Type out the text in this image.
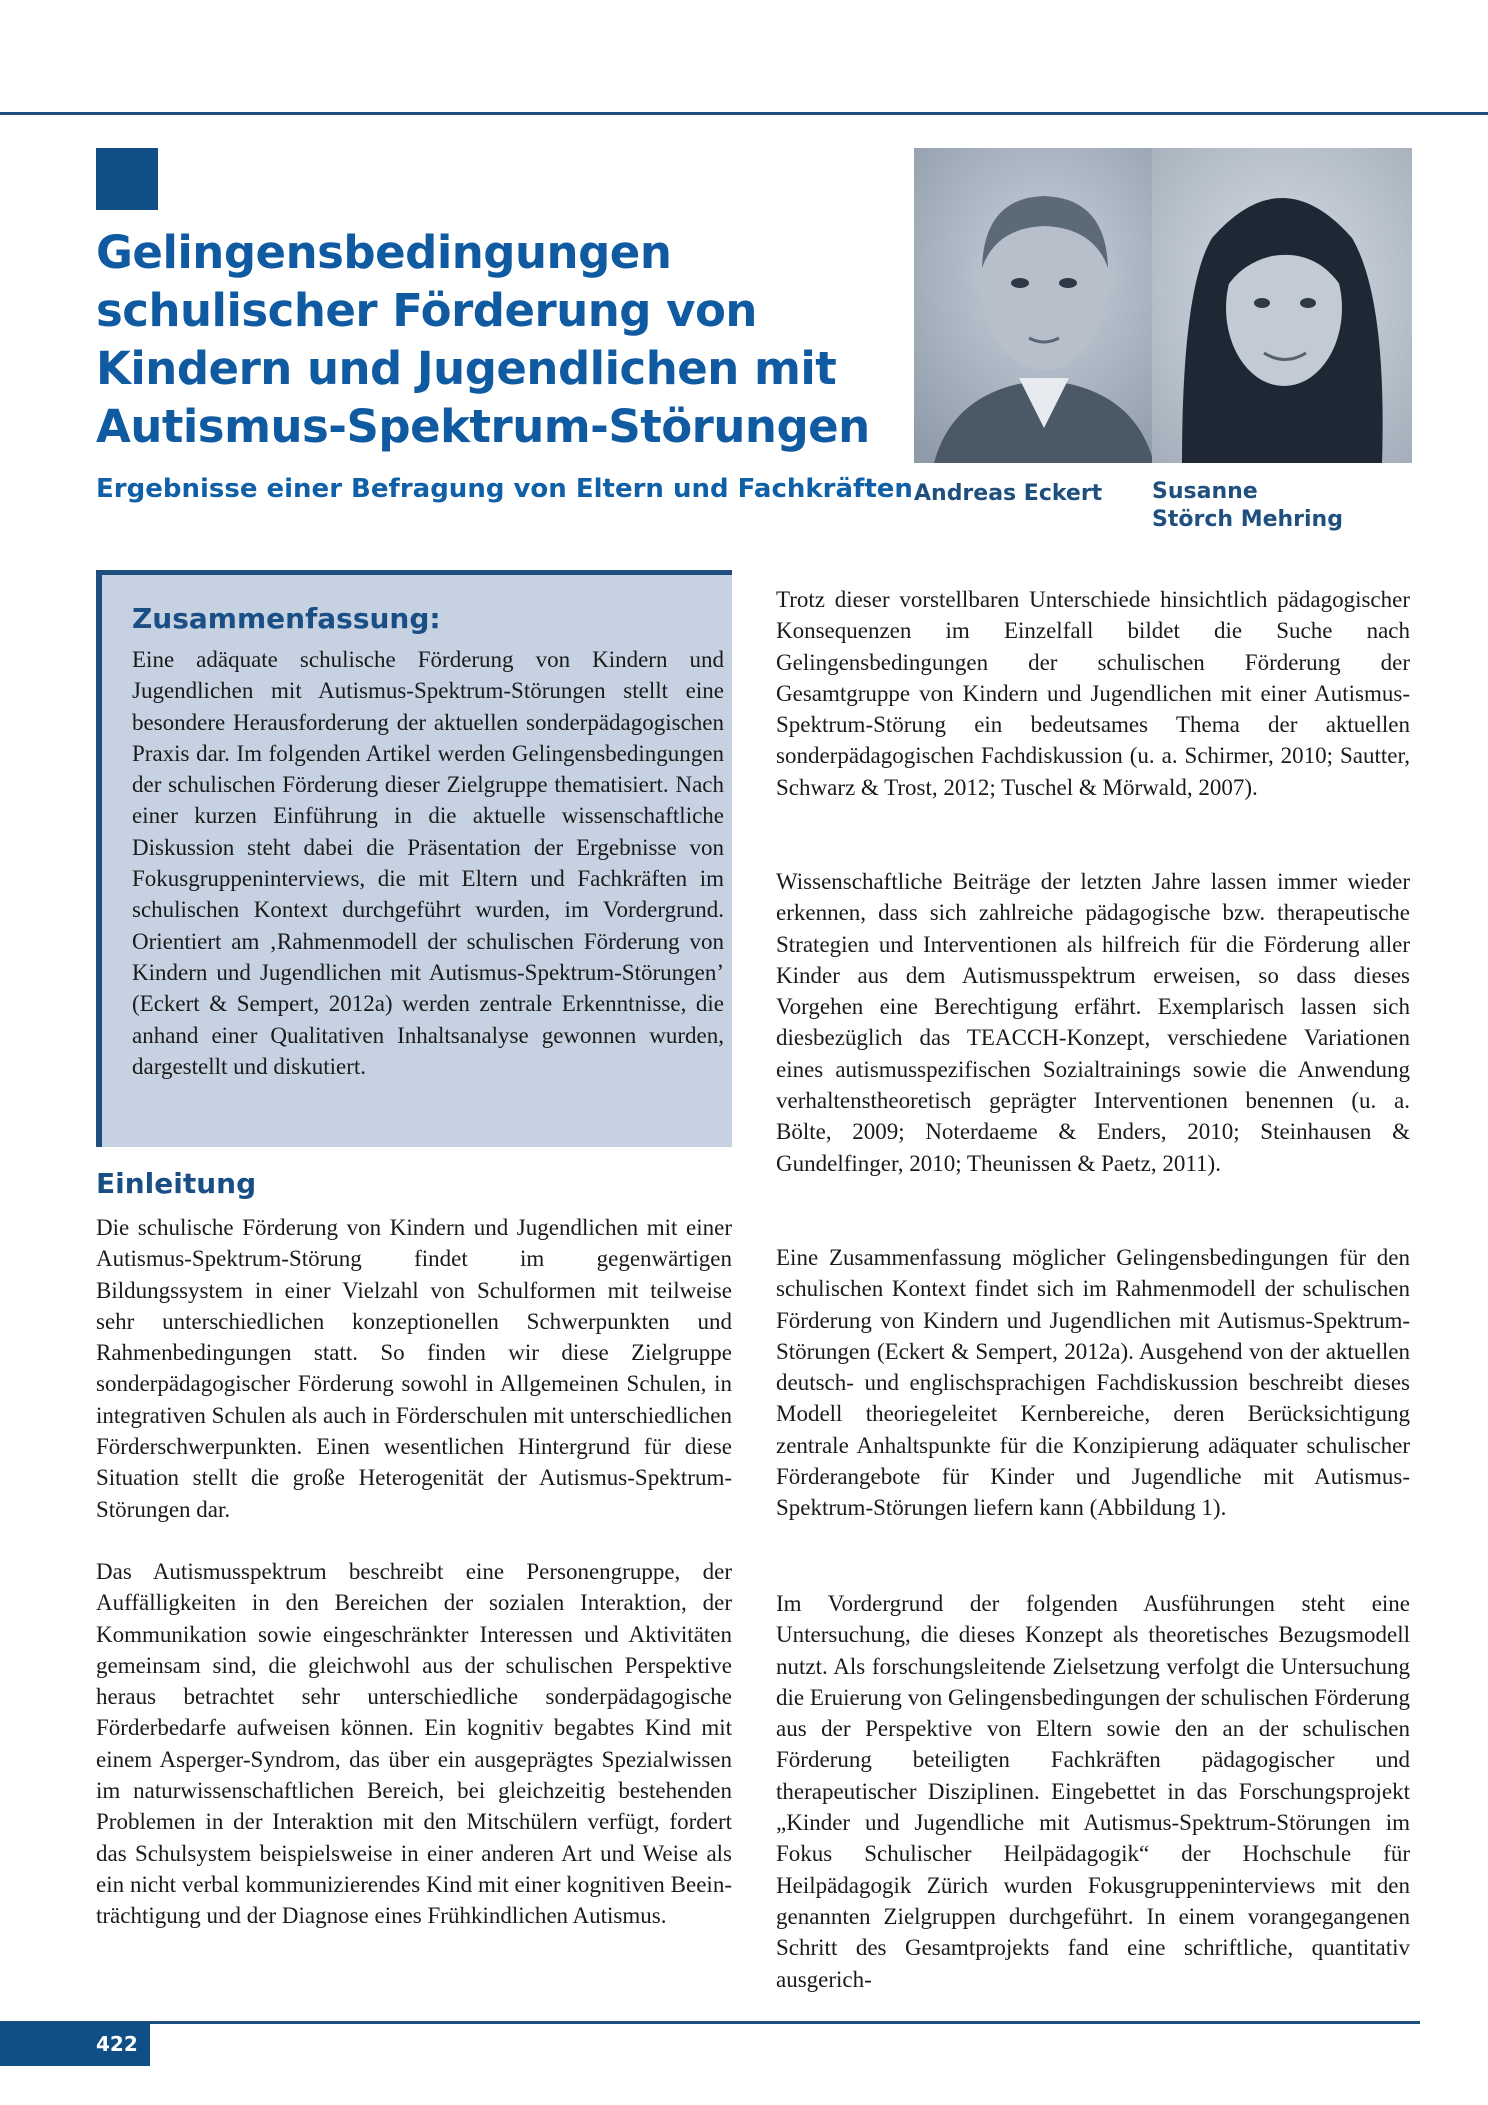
Gelingensbedingungen
schulischer Förderung von
Kindern und Jugendlichen mit
Autismus-Spektrum-Störungen

Ergebnisse einer Befragung von Eltern und Fachkräften Andreas Eckert Susanne
Störch Mehring
Zusammenfassung:

Eine adäquate schulische Förderung von Kindern und Jugendlichen mit Autismus-Spektrum-Störungen stellt eine besondere Herausforderung der aktuellen sonderpädagogischen Praxis dar. Im folgenden Artikel werden Gelingensbedingungen der schulischen Förderung dieser Zielgruppe thematisiert. Nach einer kurzen Einführung in die aktuelle wissenschaftliche Diskussion steht dabei die Präsentation der Ergebnisse von Fokusgruppeninterviews, die mit Eltern und Fachkräften im schulischen Kontext durchgeführt wurden, im Vordergrund. Orientiert am ‚Rahmenmodell der schulischen Förderung von Kindern und Jugendlichen mit Autismus-Spektrum-Störungen’ (Eckert & Sempert, 2012a) werden zentrale Erkenntnisse, die anhand einer Qualitativen Inhaltsanalyse gewonnen wurden, dargestellt und diskutiert.

Einleitung

Die schulische Förderung von Kindern und Jugendlichen mit einer Autismus-Spektrum-Störung findet im gegenwärtigen Bildungssystem in einer Vielzahl von Schulformen mit teilweise sehr unterschiedlichen konzeptionellen Schwerpunkten und Rahmenbedingungen statt. So finden wir diese Zielgruppe sonderpädagogischer Förderung sowohl in Allgemeinen Schulen, in integrativen Schulen als auch in Förderschulen mit unterschiedlichen Förderschwerpunkten. Einen wesentlichen Hintergrund für diese Situation stellt die große Heterogenität der Autismus-Spektrum-Störungen dar.

Das Autismusspektrum beschreibt eine Personengruppe, der Auffälligkeiten in den Bereichen der sozialen Interaktion, der Kommunikation sowie eingeschränkter Interessen und Aktivitäten gemeinsam sind, die gleichwohl aus der schulischen Perspektive heraus betrachtet sehr unterschiedliche sonderpädagogische Förderbedarfe aufweisen können. Ein kognitiv begabtes Kind mit einem Asperger-Syndrom, das über ein ausgeprägtes Spezialwissen im naturwissenschaftlichen Bereich, bei gleichzeitig bestehenden Problemen in der Interaktion mit den Mitschülern verfügt, fordert das Schulsystem beispielsweise in einer anderen Art und Weise als ein nicht verbal kommunizierendes Kind mit einer kognitiven Beeinträchtigung und der Diagnose eines Frühkindlichen Autismus.

Trotz dieser vorstellbaren Unterschiede hinsichtlich pädagogischer Konsequenzen im Einzelfall bildet die Suche nach Gelingensbedingungen der schulischen Förderung der Gesamtgruppe von Kindern und Jugendlichen mit einer Autismus-Spektrum-Störung ein bedeutsames Thema der aktuellen sonderpädagogischen Fachdiskussion (u. a. Schirmer, 2010; Sautter, Schwarz & Trost, 2012; Tuschel & Mörwald, 2007).

Wissenschaftliche Beiträge der letzten Jahre lassen immer wieder erkennen, dass sich zahlreiche pädagogische bzw. therapeutische Strategien und Interventionen als hilfreich für die Förderung aller Kinder aus dem Autismusspektrum erweisen, so dass dieses Vorgehen eine Berechtigung erfährt. Exemplarisch lassen sich diesbezüglich das TEACCH-Konzept, verschiedene Variationen eines autismusspezifischen Sozialtrainings sowie die Anwendung verhaltenstheoretisch geprägter Interventionen benennen (u. a. Bölte, 2009; Noterdaeme & Enders, 2010; Steinhausen & Gundelfinger, 2010; Theunissen & Paetz, 2011).

Eine Zusammenfassung möglicher Gelingensbedingungen für den schulischen Kontext findet sich im Rahmenmodell der schulischen Förderung von Kindern und Jugendlichen mit Autismus-Spektrum-Störungen (Eckert & Sempert, 2012a). Ausgehend von der aktuellen deutsch- und englischsprachigen Fachdiskussion beschreibt dieses Modell theoriegeleitet Kernbereiche, deren Berücksichtigung zentrale Anhaltspunkte für die Konzipierung adäquater schulischer Förderangebote für Kinder und Jugendliche mit Autismus-Spektrum-Störungen liefern kann (Abbildung 1).

Im Vordergrund der folgenden Ausführungen steht eine Untersuchung, die dieses Konzept als theoretisches Bezugsmodell nutzt. Als forschungsleitende Zielsetzung verfolgt die Untersuchung die Eruierung von Gelingensbedingungen der schulischen Förderung aus der Perspektive von Eltern sowie den an der schulischen Förderung beteiligten Fachkräften pädagogischer und therapeutischer Disziplinen. Eingebettet in das Forschungsprojekt „Kinder und Jugendliche mit Autismus-Spektrum-Störungen im Fokus Schulischer Heilpädagogik“ der Hochschule für Heilpädagogik Zürich wurden Fokusgruppeninterviews mit den genannten Zielgruppen durchgeführt. In einem vorangegangenen Schritt des Gesamtprojekts fand eine schriftliche, quantitativ ausgerich-

422
